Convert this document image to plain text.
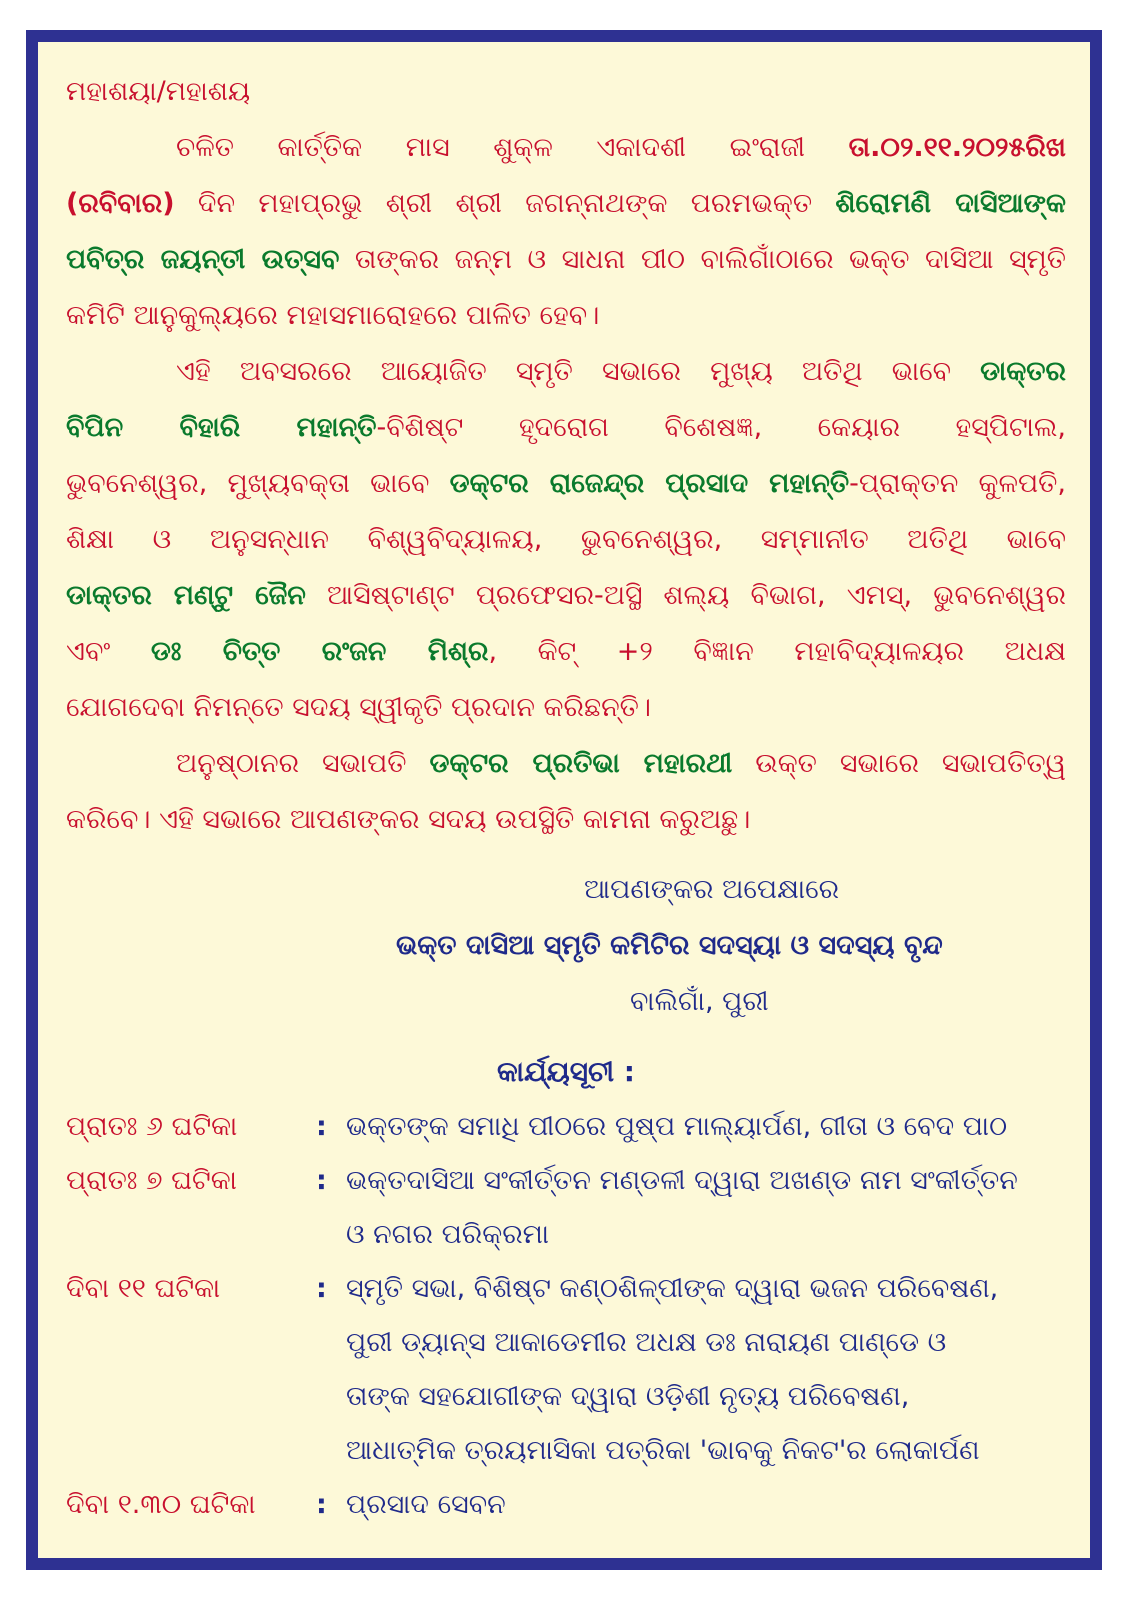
ମହାଶୟା/ମହାଶୟ
ଚଳିତ କାର୍ତ୍ତିକ ମାସ ଶୁକ୍ଳ ଏକାଦଶୀ ଇଂରାଜୀ ତା.୦୨.୧୧.୨୦୨୫ରିଖ
(ରବିବାର) ଦିନ ମହାପ୍ରଭୁ ଶ୍ରୀ ଶ୍ରୀ ଜଗନ୍ନାଥଙ୍କ ପରମଭକ୍ତ ଶିରୋମଣି ଦାସିଆଙ୍କ
ପବିତ୍ର ଜୟନ୍ତୀ ଉତ୍ସବ ତାଙ୍କର ଜନ୍ମ ଓ ସାଧନା ପୀଠ ବାଲିଗାଁଠାରେ ଭକ୍ତ ଦାସିଆ ସ୍ମୃତି
କମିଟି ଆନୁକୁଲ୍ୟରେ ମହାସମାରୋହରେ ପାଳିତ ହେବ।
ଏହି ଅବସରରେ ଆୟୋଜିତ ସ୍ମୃତି ସଭାରେ ମୁଖ୍ୟ ଅତିଥି ଭାବେ ଡାକ୍ତର
ବିପିନ ବିହାରି ମହାନ୍ତି-ବିଶିଷ୍ଟ ହୃଦରୋଗ ବିଶେଷଜ୍ଞ, କେୟାର ହସ୍ପିଟାଲ,
ଭୁବନେଶ୍ୱର, ମୁଖ୍ୟବକ୍ତା ଭାବେ ଡକ୍ଟର ରାଜେନ୍ଦ୍ର ପ୍ରସାଦ ମହାନ୍ତି-ପ୍ରାକ୍ତନ କୁଳପତି,
ଶିକ୍ଷା ଓ ଅନୁସନ୍ଧାନ ବିଶ୍ୱବିଦ୍ୟାଳୟ, ଭୁବନେଶ୍ୱର, ସମ୍ମାନୀତ ଅତିଥି ଭାବେ
ଡାକ୍ତର ମଣ୍ଟୁ ଜୈନ ଆସିଷ୍ଟାଣ୍ଟ ପ୍ରଫେସର-ଅସ୍ଥି ଶଲ୍ୟ ବିଭାଗ, ଏମସ୍, ଭୁବନେଶ୍ୱର
ଏବଂ ଡଃ ଚିତ୍ତ ରଂଜନ ମିଶ୍ର, କିଟ୍ +୨ ବିଜ୍ଞାନ ମହାବିଦ୍ୟାଳୟର ଅଧକ୍ଷ
ଯୋଗଦେବା ନିମନ୍ତେ ସଦୟ ସ୍ୱୀକୃତି ପ୍ରଦାନ କରିଛନ୍ତି।
ଅନୁଷ୍ଠାନର ସଭାପତି ଡକ୍ଟର ପ୍ରତିଭା ମହାରଥୀ ଉକ୍ତ ସଭାରେ ସଭାପତିତ୍ୱ
କରିବେ। ଏହି ସଭାରେ ଆପଣଙ୍କର ସଦୟ ଉପସ୍ଥିତି କାମନା କରୁଅଛୁ।
ଆପଣଙ୍କର ଅପେକ୍ଷାରେ
ଭକ୍ତ ଦାସିଆ ସ୍ମୃତି କମିଟିର ସଦସ୍ୟା ଓ ସଦସ୍ୟ ବୃନ୍ଦ
ବାଲିଗାଁ, ପୁରୀ
କାର୍ଯ୍ୟସୂଚୀ :
ପ୍ରାତଃ ୬ ଘଟିକା	: ଭକ୍ତଙ୍କ ସମାଧି ପୀଠରେ ପୁଷ୍ପ ମାଲ୍ୟାର୍ପଣ, ଗୀତା ଓ ବେଦ ପାଠ
ପ୍ରାତଃ ୭ ଘଟିକା	: ଭକ୍ତଦାସିଆ ସଂକୀର୍ତ୍ତନ ମଣ୍ଡଳୀ ଦ୍ୱାରା ଅଖଣ୍ଡ ନାମ ସଂକୀର୍ତ୍ତନ
ଓ ନଗର ପରିକ୍ରମା
ଦିବା ୧୧ ଘଟିକା	: ସ୍ମୃତି ସଭା, ବିଶିଷ୍ଟ କଣ୍ଠଶିଳ୍ପୀଙ୍କ ଦ୍ୱାରା ଭଜନ ପରିବେଷଣ,
ପୁରୀ ଡ୍ୟାନ୍ସ ଆକାଡେମୀର ଅଧକ୍ଷ ଡଃ ନାରାୟଣ ପାଣ୍ଡେ ଓ
ତାଙ୍କ ସହଯୋଗୀଙ୍କ ଦ୍ୱାରା ଓଡ଼ିଶୀ ନୃତ୍ୟ ପରିବେଷଣ,
ଆଧାତ୍ମିକ ତ୍ରୟମାସିକା ପତ୍ରିକା 'ଭାବକୁ ନିକଟ'ର ଲୋକାର୍ପଣ
ଦିବା ୧.୩୦ ଘଟିକା	: ପ୍ରସାଦ ସେବନ
